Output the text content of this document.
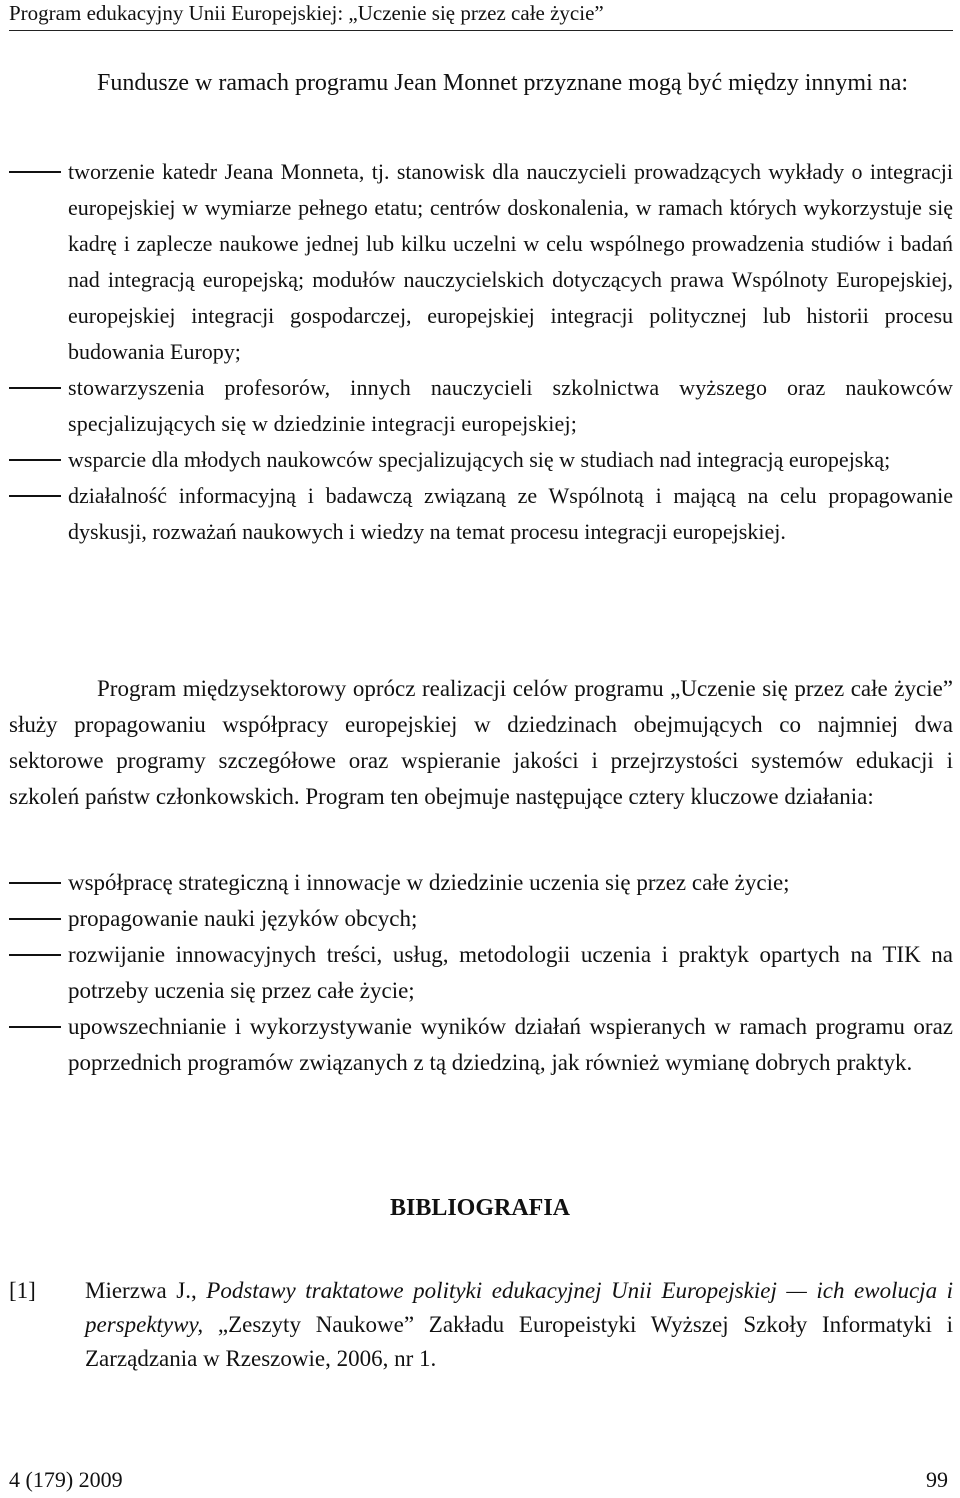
Program edukacyjny Unii Europejskiej: „Uczenie się przez całe życie”

Fundusze w ramach programu Jean Monnet przyznane mogą być między innymi na:

tworzenie katedr Jeana Monneta, tj. stanowisk dla nauczycieli prowadzących wykłady o integracji europejskiej w wymiarze pełnego etatu; centrów doskonalenia, w ramach których wykorzystuje się kadrę i zaplecze naukowe jednej lub kilku uczelni w celu wspólnego prowadzenia studiów i badań nad integracją europejską; modułów nauczycielskich dotyczących prawa Wspólnoty Europejskiej, europejskiej integracji gospodarczej, europejskiej integracji politycznej lub historii procesu budowania Europy;
stowarzyszenia profesorów, innych nauczycieli szkolnictwa wyższego oraz naukowców specjalizujących się w dziedzinie integracji europejskiej;
wsparcie dla młodych naukowców specjalizujących się w studiach nad integracją europejską;
działalność informacyjną i badawczą związaną ze Wspólnotą i mającą na celu propagowanie dyskusji, rozważań naukowych i wiedzy na temat procesu integracji europejskiej.

Program międzysektorowy oprócz realizacji celów programu „Uczenie się przez całe życie” służy propagowaniu współpracy europejskiej w dziedzinach obejmujących co najmniej dwa sektorowe programy szczegółowe oraz wspieranie jakości i przejrzystości systemów edukacji i szkoleń państw członkowskich. Program ten obejmuje następujące cztery kluczowe działania:

współpracę strategiczną i innowacje w dziedzinie uczenia się przez całe życie;
propagowanie nauki języków obcych;
rozwijanie innowacyjnych treści, usług, metodologii uczenia i praktyk opartych na TIK na potrzeby uczenia się przez całe życie;
upowszechnianie i wykorzystywanie wyników działań wspieranych w ramach programu oraz poprzednich programów związanych z tą dziedziną, jak również wymianę dobrych praktyk.
BIBLIOGRAFIA
[1] Mierzwa J., Podstawy traktatowe polityki edukacyjnej Unii Europejskiej — ich ewolucja i perspektywy, „Zeszyty Naukowe” Zakładu Europeistyki Wyższej Szkoły Informatyki i Zarządzania w Rzeszowie, 2006, nr 1.
4 (179) 2009	99
